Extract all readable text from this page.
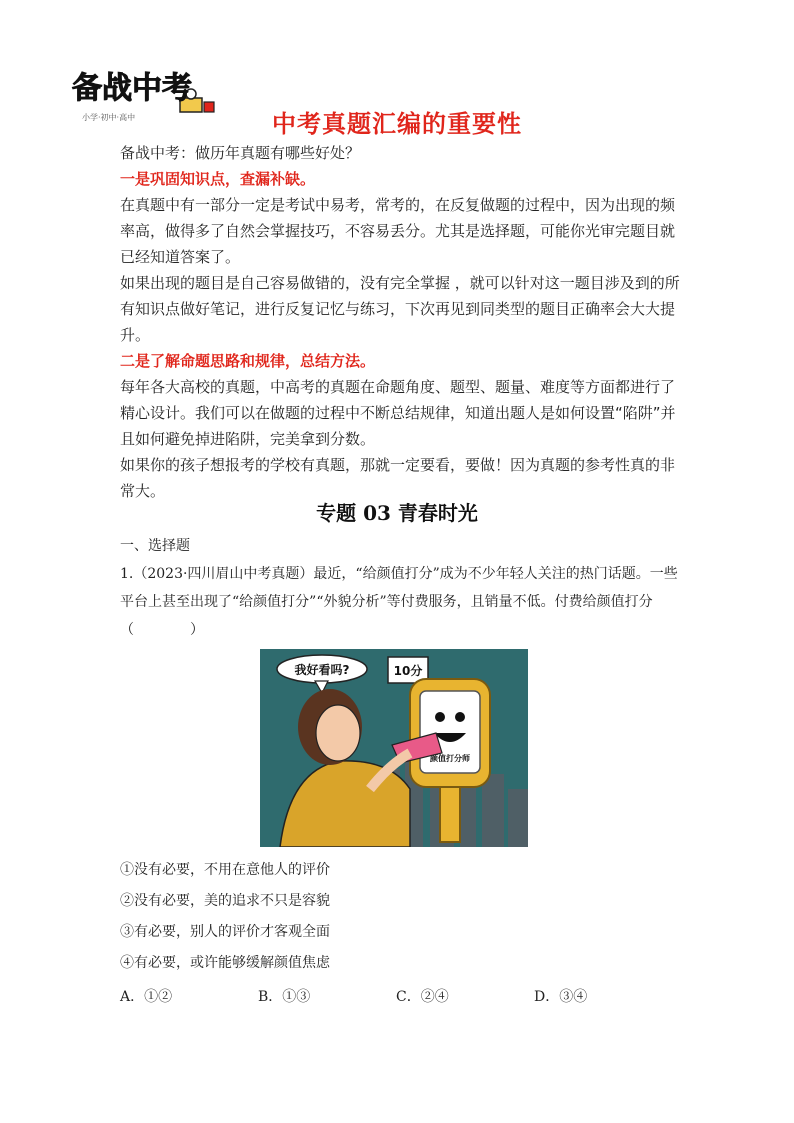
备战中考
小学·初中·高中	中考真题汇编的重要性

备战中考：做历年真题有哪些好处？

一是巩固知识点，查漏补缺。

在真题中有一部分一定是考试中易考，常考的，在反复做题的过程中，因为出现的频率高，做得多了自然会掌握技巧，不容易丢分。尤其是选择题，可能你光审完题目就已经知道答案了。

如果出现的题目是自己容易做错的，没有完全掌握 ，就可以针对这一题目涉及到的所有知识点做好笔记，进行反复记忆与练习，下次再见到同类型的题目正确率会大大提升。

二是了解命题思路和规律，总结方法。

每年各大高校的真题，中高考的真题在命题角度、题型、题量、难度等方面都进行了精心设计。我们可以在做题的过程中不断总结规律，知道出题人是如何设置“陷阱”并且如何避免掉进陷阱，完美拿到分数。

如果你的孩子想报考的学校有真题，那就一定要看，要做！因为真题的参考性真的非常大。

专题 03 青春时光

一、选择题

1.（2023·四川眉山中考真题）最近，“给颜值打分”成为不少年轻人关注的热门话题。一些平台上甚至出现了“给颜值打分”“外貌分析”等付费服务，且销量不低。付费给颜值打分（　　　　）

我好看吗?	10分
颜值打分师
①没有必要，不用在意他人的评价
②没有必要，美的追求不只是容貌
③有必要，别人的评价才客观全面
④有必要，或许能够缓解颜值焦虑
A．①②	B．①③	C．②④	D．③④
